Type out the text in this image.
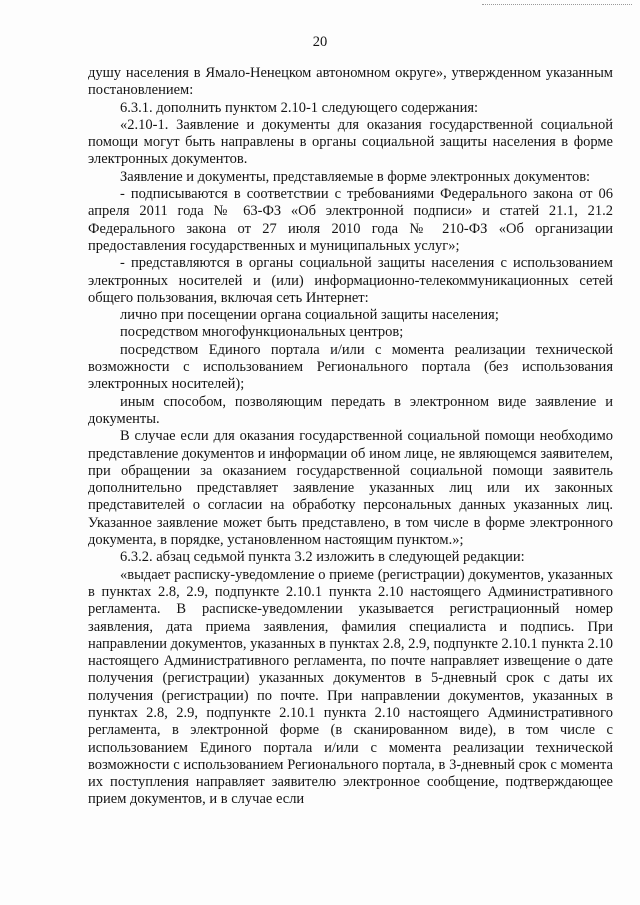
20

душу населения в Ямало-Ненецком автономном округе», утвержденном указанным постановлением:

6.3.1. дополнить пунктом 2.10-1 следующего содержания:

«2.10-1. Заявление и документы для оказания государственной социальной помощи могут быть направлены в органы социальной защиты населения в форме электронных документов.

Заявление и документы, представляемые в форме электронных документов:

- подписываются в соответствии с требованиями Федерального закона от 06 апреля 2011 года № 63-ФЗ «Об электронной подписи» и статей 21.1, 21.2 Федерального закона от 27 июля 2010 года № 210-ФЗ «Об организации предоставления государственных и муниципальных услуг»;

- представляются в органы социальной защиты населения с использованием электронных носителей и (или) информационно-телекоммуникационных сетей общего пользования, включая сеть Интернет:

лично при посещении органа социальной защиты населения;

посредством многофункциональных центров;

посредством Единого портала и/или с момента реализации технической возможности с использованием Регионального портала (без использования электронных носителей);

иным способом, позволяющим передать в электронном виде заявление и документы.

В случае если для оказания государственной социальной помощи необходимо представление документов и информации об ином лице, не являющемся заявителем, при обращении за оказанием государственной социальной помощи заявитель дополнительно представляет заявление указанных лиц или их законных представителей о согласии на обработку персональных данных указанных лиц. Указанное заявление может быть представлено, в том числе в форме электронного документа, в порядке, установленном настоящим пунктом.»;

6.3.2. абзац седьмой пункта 3.2 изложить в следующей редакции:

«выдает расписку-уведомление о приеме (регистрации) документов, указанных в пунктах 2.8, 2.9, подпункте 2.10.1 пункта 2.10 настоящего Административного регламента. В расписке-уведомлении указывается регистрационный номер заявления, дата приема заявления, фамилия специалиста и подпись. При направлении документов, указанных в пунктах 2.8, 2.9, подпункте 2.10.1 пункта 2.10 настоящего Административного регламента, по почте направляет извещение о дате получения (регистрации) указанных документов в 5-дневный срок с даты их получения (регистрации) по почте. При направлении документов, указанных в пунктах 2.8, 2.9, подпункте 2.10.1 пункта 2.10 настоящего Административного регламента, в электронной форме (в сканированном виде), в том числе с использованием Единого портала и/или с момента реализации технической возможности с использованием Регионального портала, в 3-дневный срок с момента их поступления направляет заявителю электронное сообщение, подтверждающее прием документов, и в случае если
